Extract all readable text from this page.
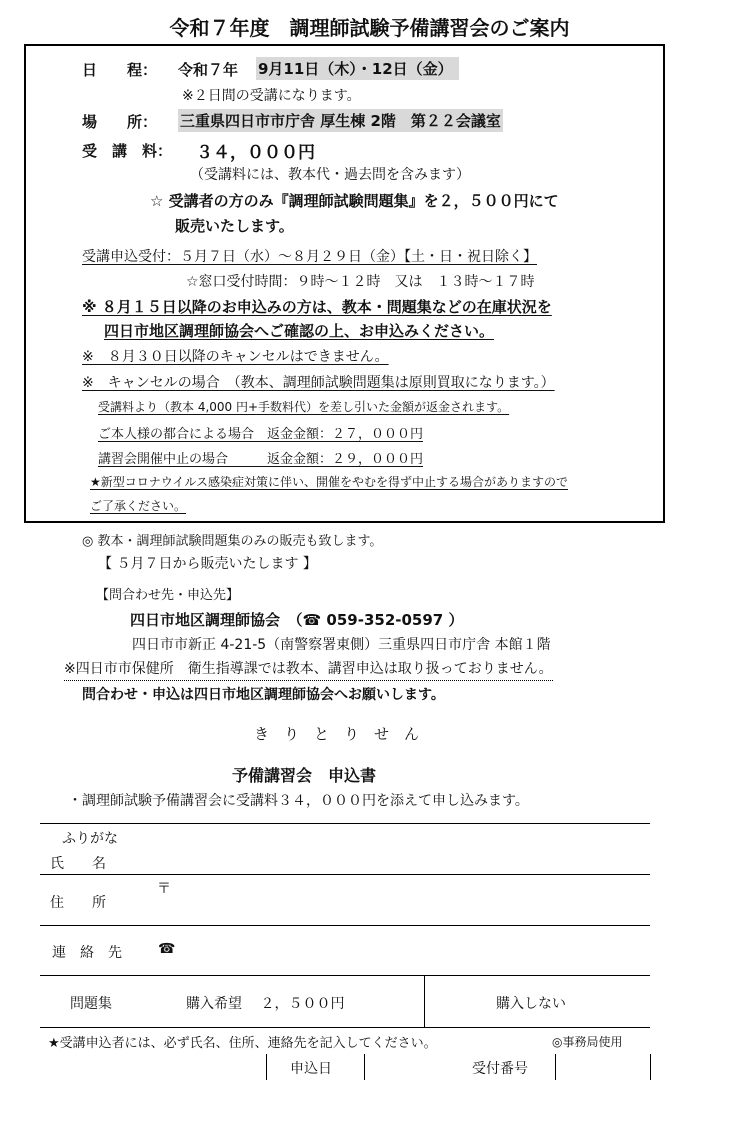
令和７年度　調理師試験予備講習会のご案内
日　　程： 令和７年 9月11日（木）・12日（金）
※２日間の受講になります。
場　　所： 三重県四日市市庁舎 厚生棟 2階　第２２会議室
受　講　料： ３４，０００円
（受講料には、教本代・過去問を含みます）
☆ 受講者の方のみ『調理師試験問題集』を２，５００円にて
販売いたします。
受講申込受付：５月７日（水）～８月２９日（金）【土・日・祝日除く】
☆窓口受付時間：９時～１２時　又は　１３時～１７時
※ ８月１５日以降のお申込みの方は、教本・問題集などの在庫状況を
四日市地区調理師協会へご確認の上、お申込みください。
※　８月３０日以降のキャンセルはできません。
※　キャンセルの場合　（教本、調理師試験問題集は原則買取になります。）
受講料より（教本 4,000 円+手数料代）を差し引いた金額が返金されます。
ご本人様の都合による場合　返金金額：２７，０００円
講習会開催中止の場合　　　返金金額：２９，０００円
★新型コロナウイルス感染症対策に伴い、開催をやむを得ず中止する場合がありますので
ご了承ください。
◎ 教本・調理師試験問題集のみの販売も致します。
【 ５月７日から販売いたします 】
【問合わせ先・申込先】
四日市地区調理師協会　（☎ 059-352-0597 ）
四日市市新正 4-21-5（南警察署東側）三重県四日市庁舎 本館１階
※四日市市保健所　衛生指導課では教本、講習申込は取り扱っておりません。
問合わせ・申込は四日市地区調理師協会へお願いします。
き　り　と　り　せ　ん
予備講習会　申込書
・調理師試験予備講習会に受講料３４，０００円を添えて申し込みます。
ふりがな
氏　　名
〒
住　　所
連　絡　先	☎
問題集	購入希望　 ２，５００円	購入しない
★受講申込者には、必ず氏名、住所、連絡先を記入してください。	◎事務局使用
申込日	受付番号
